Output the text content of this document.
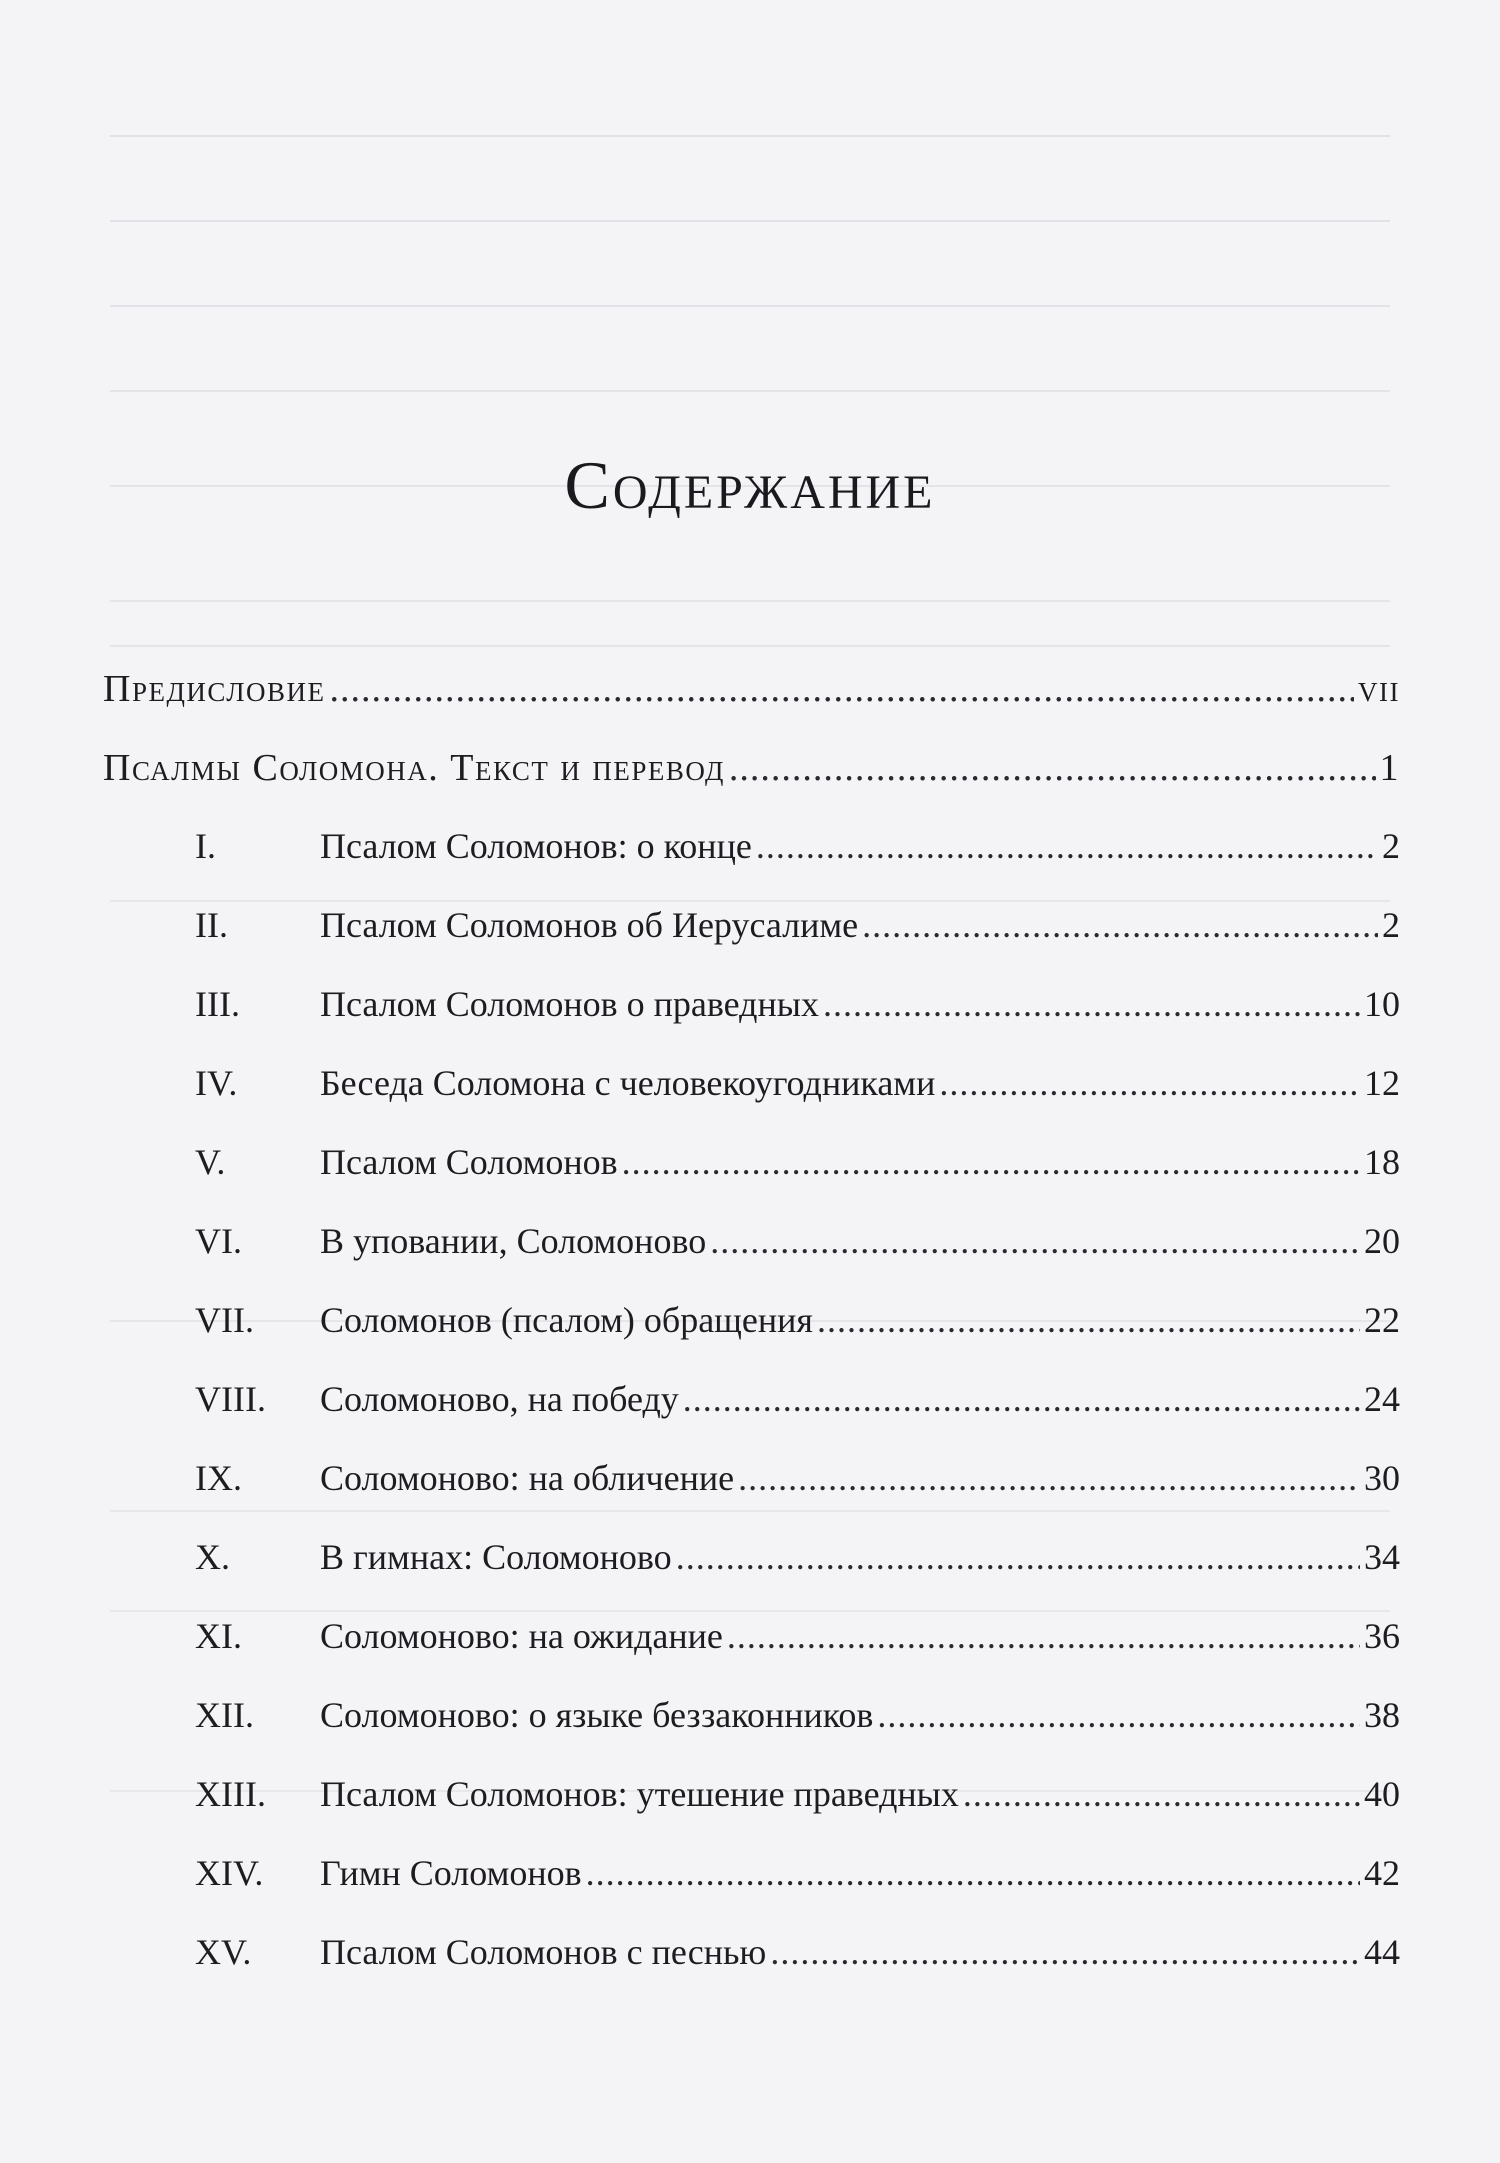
Содержание
Предисловие .....	vii
Псалмы Соломона. Текст и перевод .....	1
I.	Псалом Соломонов: о конце .....	2
II.	Псалом Соломонов об Иерусалиме .....	2
III.	Псалом Соломонов о праведных .....	10
IV.	Беседа Соломона с человекоугодниками .....	12
V.	Псалом Соломонов .....	18
VI.	В уповании, Соломоново .....	20
VII.	Соломонов (псалом) обращения .....	22
VIII.	Соломоново, на победу .....	24
IX.	Соломоново: на обличение .....	30
X.	В гимнах: Соломоново .....	34
XI.	Соломоново: на ожидание .....	36
XII.	Соломоново: о языке беззаконников .....	38
XIII.	Псалом Соломонов: утешение праведных .....	40
XIV.	Гимн Соломонов .....	42
XV.	Псалом Соломонов с песнью .....	44
